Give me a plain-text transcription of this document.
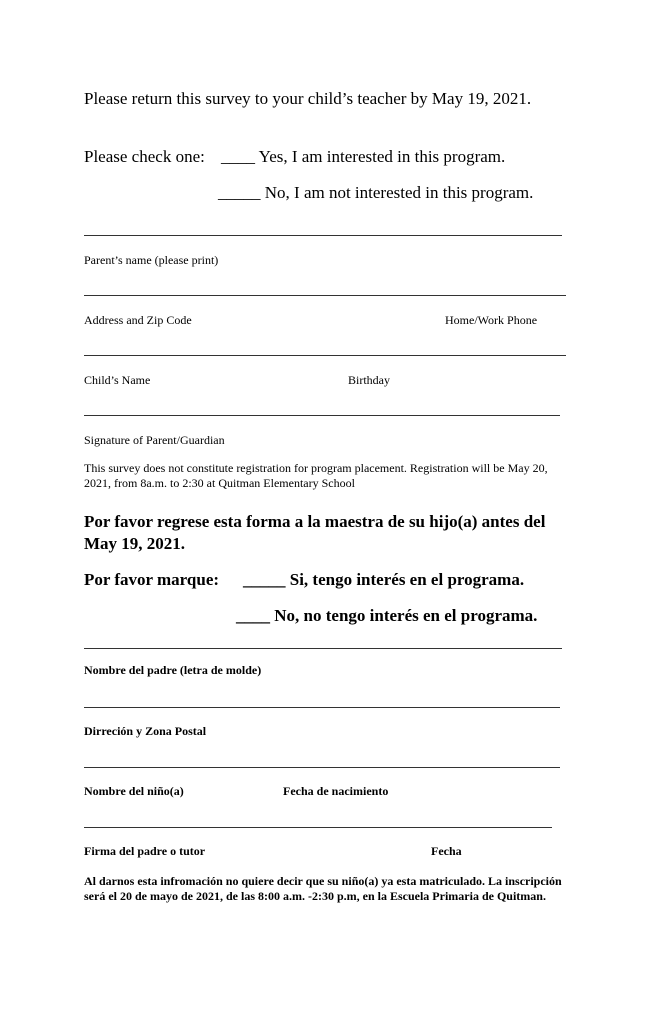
Please return this survey to your child’s teacher by May 19, 2021.
Please check one: ____ Yes, I am interested in this program.
_____ No, I am not interested in this program.
Parent’s name (please print)
Address and Zip Code	Home/Work Phone
Child’s Name	Birthday
Signature of Parent/Guardian
This survey does not constitute registration for program placement. Registration will be May 20, 2021, from 8a.m. to 2:30 at Quitman Elementary School
Por favor regrese esta forma a la maestra de su hijo(a) antes del May 19, 2021.
Por favor marque: _____ Si, tengo interés en el programa.
____ No, no tengo interés en el programa.
Nombre del padre (letra de molde)
Dirreción y Zona Postal
Nombre del niño(a)	Fecha de nacimiento
Firma del padre o tutor	Fecha
Al darnos esta infromación no quiere decir que su niño(a) ya esta matriculado. La inscripción será el 20 de mayo de 2021, de las 8:00 a.m. -2:30 p.m, en la Escuela Primaria de Quitman.
